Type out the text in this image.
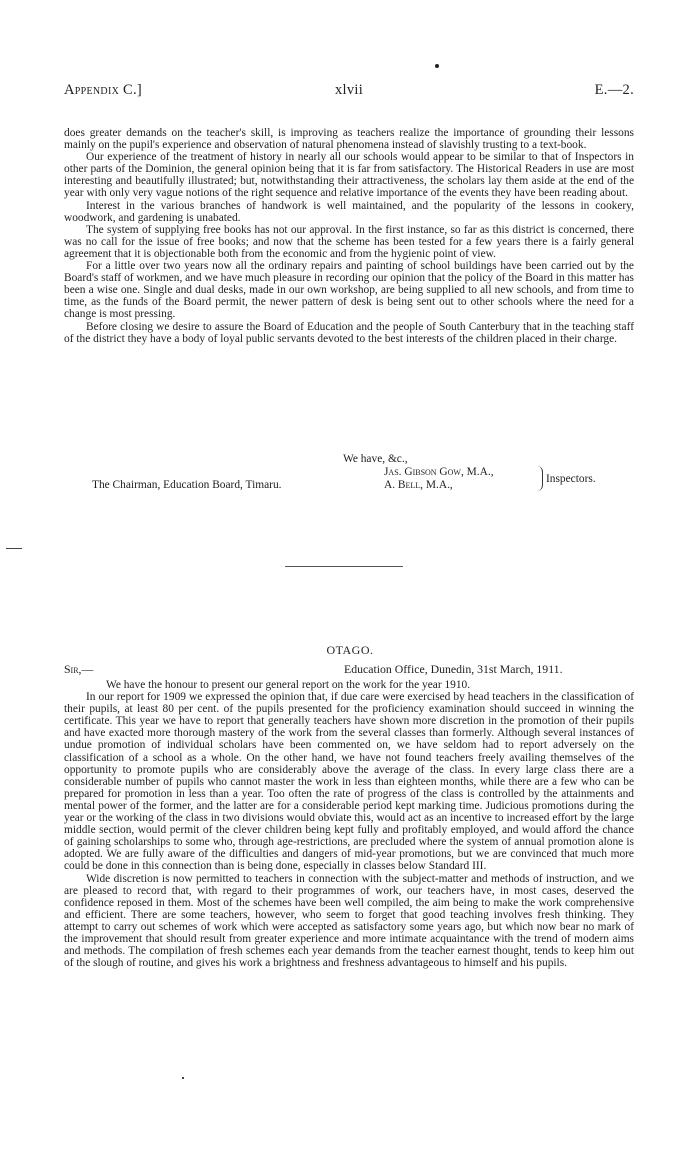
Appendix C.]	xlvii	E.—2.

does greater demands on the teacher's skill, is improving as teachers realize the importance of grounding their lessons mainly on the pupil's experience and observation of natural phenomena instead of slavishly trusting to a text-book.

Our experience of the treatment of history in nearly all our schools would appear to be similar to that of Inspectors in other parts of the Dominion, the general opinion being that it is far from satisfactory. The Historical Readers in use are most interesting and beautifully illustrated; but, notwithstanding their attractiveness, the scholars lay them aside at the end of the year with only very vague notions of the right sequence and relative importance of the events they have been reading about.

Interest in the various branches of handwork is well maintained, and the popularity of the lessons in cookery, woodwork, and gardening is unabated.

The system of supplying free books has not our approval. In the first instance, so far as this district is concerned, there was no call for the issue of free books; and now that the scheme has been tested for a few years there is a fairly general agreement that it is objectionable both from the economic and from the hygienic point of view.

For a little over two years now all the ordinary repairs and painting of school buildings have been carried out by the Board's staff of workmen, and we have much pleasure in recording our opinion that the policy of the Board in this matter has been a wise one. Single and dual desks, made in our own workshop, are being supplied to all new schools, and from time to time, as the funds of the Board permit, the newer pattern of desk is being sent out to other schools where the need for a change is most pressing.

Before closing we desire to assure the Board of Education and the people of South Canterbury that in the teaching staff of the district they have a body of loyal public servants devoted to the best interests of the children placed in their charge.

We have, &c.,
The Chairman, Education Board, Timaru.
Jas. Gibson Gow, M.A.,
A. Bell, M.A.,	Inspectors.
OTAGO.
Sir,—	Education Office, Dunedin, 31st March, 1911.

We have the honour to present our general report on the work for the year 1910.

In our report for 1909 we expressed the opinion that, if due care were exercised by head teachers in the classification of their pupils, at least 80 per cent. of the pupils presented for the proficiency examination should succeed in winning the certificate. This year we have to report that generally teachers have shown more discretion in the promotion of their pupils and have exacted more thorough mastery of the work from the several classes than formerly. Although several instances of undue promotion of individual scholars have been commented on, we have seldom had to report adversely on the classification of a school as a whole. On the other hand, we have not found teachers freely availing themselves of the opportunity to promote pupils who are considerably above the average of the class. In every large class there are a considerable number of pupils who cannot master the work in less than eighteen months, while there are a few who can be prepared for promotion in less than a year. Too often the rate of progress of the class is controlled by the attainments and mental power of the former, and the latter are for a considerable period kept marking time. Judicious promotions during the year or the working of the class in two divisions would obviate this, would act as an incentive to increased effort by the large middle section, would permit of the clever children being kept fully and profitably employed, and would afford the chance of gaining scholarships to some who, through age-restrictions, are precluded where the system of annual promotion alone is adopted. We are fully aware of the difficulties and dangers of mid-year promotions, but we are convinced that much more could be done in this connection than is being done, especially in classes below Standard III.

Wide discretion is now permitted to teachers in connection with the subject-matter and methods of instruction, and we are pleased to record that, with regard to their programmes of work, our teachers have, in most cases, deserved the confidence reposed in them. Most of the schemes have been well compiled, the aim being to make the work comprehensive and efficient. There are some teachers, however, who seem to forget that good teaching involves fresh thinking. They attempt to carry out schemes of work which were accepted as satisfactory some years ago, but which now bear no mark of the improvement that should result from greater experience and more intimate acquaintance with the trend of modern aims and methods. The compilation of fresh schemes each year demands from the teacher earnest thought, tends to keep him out of the slough of routine, and gives his work a brightness and freshness advantageous to himself and his pupils.
